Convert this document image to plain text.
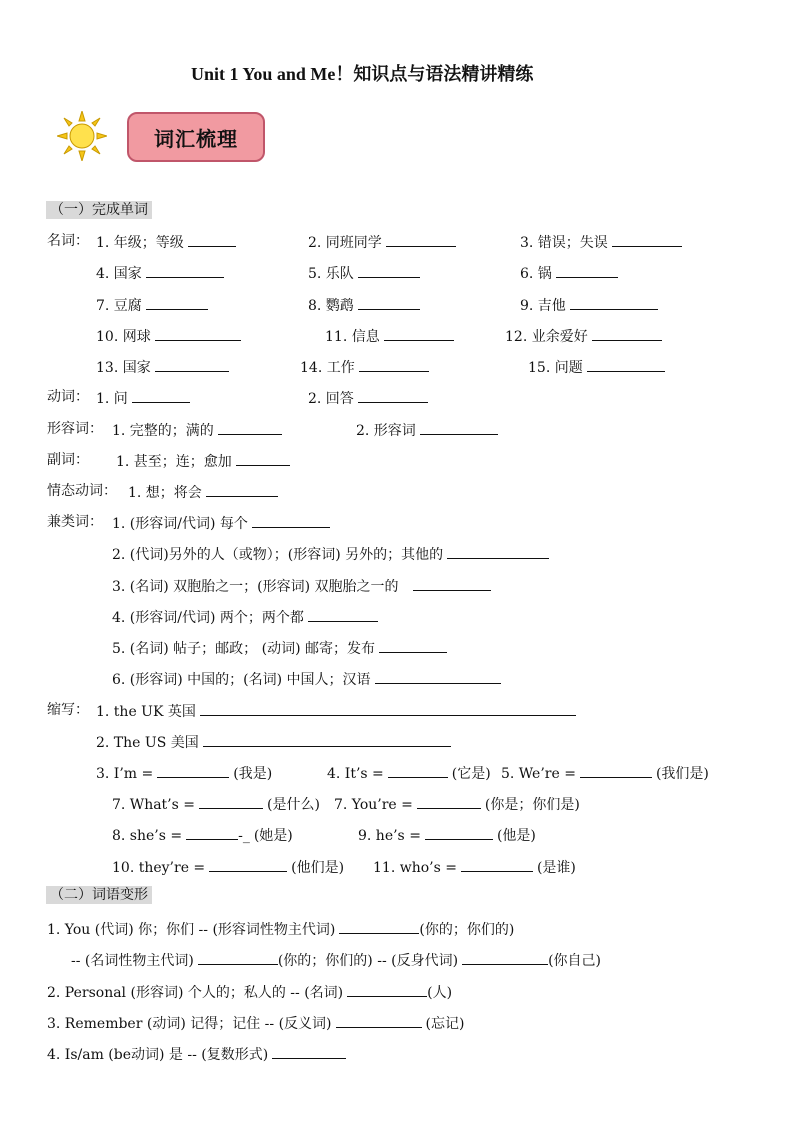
Unit 1 You and Me！知识点与语法精讲精练
词汇梳理
（一）完成单词
名词： 1. 年级；等级	2. 同班同学	3. 错误；失误
4. 国家	5. 乐队	6. 锅
7. 豆腐	8. 鹦鹉	9. 吉他
10. 网球	11. 信息	12. 业余爱好
13. 国家	14. 工作	15. 问题
动词： 1. 问	2. 回答
形容词： 1. 完整的；满的	2. 形容词
副词： 1. 甚至；连；愈加
情态动词： 1. 想；将会
兼类词： 1. (形容词/代词) 每个
2. (代词)另外的人（或物）；(形容词) 另外的；其他的
3. (名词) 双胞胎之一；(形容词) 双胞胎之一的
4. (形容词/代词) 两个；两个都
5. (名词) 帖子；邮政； (动词) 邮寄；发布
6. (形容词) 中国的；(名词) 中国人；汉语
缩写： 1. the UK 英国
2. The US 美国
3. I’m =	(我是)	4. It’s =	(它是) 5. We’re =	(我们是)
7. What’s =	(是什么) 7. You’re =	(你是；你们是)
8. she’s =	-_ (她是)	9. he’s =	(他是)
10. they’re =	(他们是) 11. who’s =	(是谁)
（二）词语变形
1. You (代词) 你；你们 -- (形容词性物主代词)	(你的；你们的)
-- (名词性物主代词)	(你的；你们的) -- (反身代词)	(你自己)
2. Personal (形容词) 个人的；私人的 -- (名词)	(人)
3. Remember (动词) 记得；记住 -- (反义词)	(忘记)
4. Is/am (be动词) 是 -- (复数形式)
